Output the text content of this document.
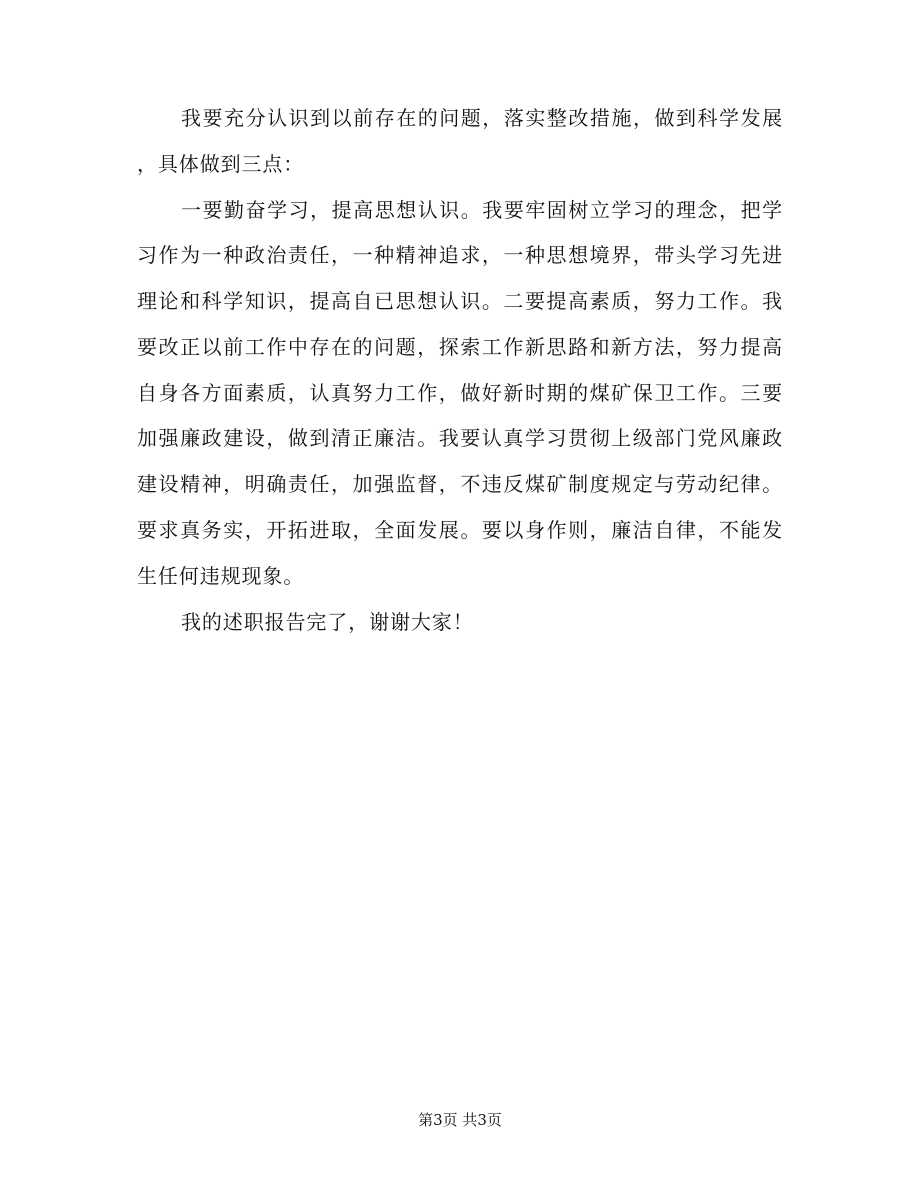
我要充分认识到以前存在的问题，落实整改措施，做到科学发展
，具体做到三点：
一要勤奋学习，提高思想认识。我要牢固树立学习的理念，把学
习作为一种政治责任，一种精神追求，一种思想境界，带头学习先进
理论和科学知识，提高自已思想认识。二要提高素质，努力工作。我
要改正以前工作中存在的问题，探索工作新思路和新方法，努力提高
自身各方面素质，认真努力工作，做好新时期的煤矿保卫工作。三要
加强廉政建设，做到清正廉洁。我要认真学习贯彻上级部门党风廉政
建设精神，明确责任，加强监督，不违反煤矿制度规定与劳动纪律。
要求真务实，开拓进取，全面发展。要以身作则，廉洁自律，不能发
生任何违规现象。
我的述职报告完了，谢谢大家！
第3页 共3页
